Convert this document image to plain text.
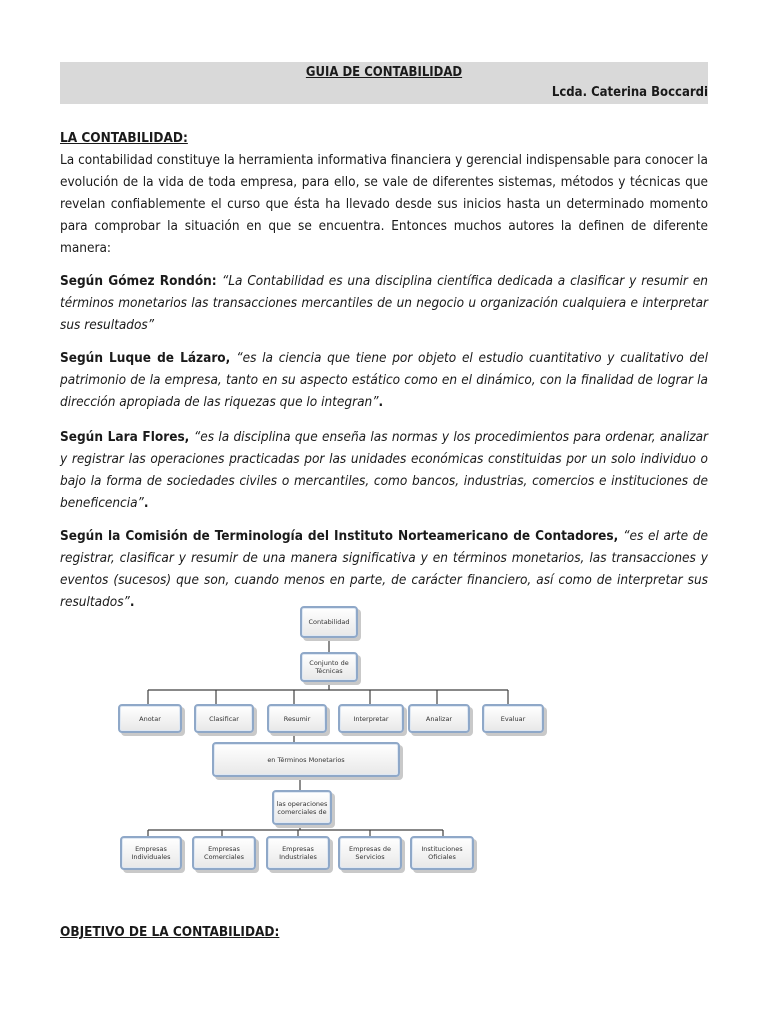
GUIA DE CONTABILIDAD
Lcda. Caterina Boccardi
LA CONTABILIDAD:

La contabilidad constituye la herramienta informativa financiera y gerencial indispensable para conocer la evolución de la vida de toda empresa, para ello, se vale de diferentes sistemas, métodos y técnicas que revelan confiablemente el curso que ésta ha llevado desde sus inicios hasta un determinado momento para comprobar la situación en que se encuentra. Entonces muchos autores la definen de diferente manera:

Según Gómez Rondón: “La Contabilidad es una disciplina científica dedicada a clasificar y resumir en términos monetarios las transacciones mercantiles de un negocio u organización cualquiera e interpretar sus resultados”

Según Luque de Lázaro, “es la ciencia que tiene por objeto el estudio cuantitativo y cualitativo del patrimonio de la empresa, tanto en su aspecto estático como en el dinámico, con la finalidad de lograr la dirección apropiada de las riquezas que lo integran”.

Según Lara Flores, “es la disciplina que enseña las normas y los procedimientos para ordenar, analizar y registrar las operaciones practicadas por las unidades económicas constituidas por un solo individuo o bajo la forma de sociedades civiles o mercantiles, como bancos, industrias, comercios e instituciones de beneficencia”.

Según la Comisión de Terminología del Instituto Norteamericano de Contadores, “es el arte de registrar, clasificar y resumir de una manera significativa y en términos monetarios, las transacciones y eventos (sucesos) que son, cuando menos en parte, de carácter financiero, así como de interpretar sus resultados”.

Contabilidad
Conjunto de Técnicas
Anotar	Clasificar	Resumir	Interpretar	Analizar	Evaluar
en Términos Monetarios
las operaciones comerciales de
Empresas Individuales
Empresas Comerciales
Empresas Industriales
Empresas de Servicios
Instituciones Oficiales
OBJETIVO DE LA CONTABILIDAD:
